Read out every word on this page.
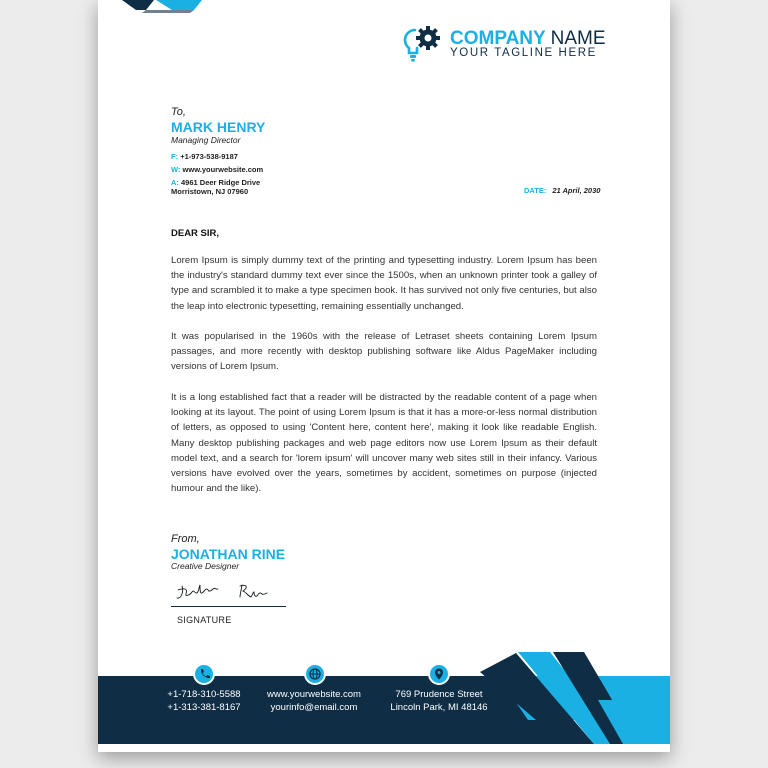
COMPANY NAME
YOUR TAGLINE HERE
To,
MARK HENRY
Managing Director
F: +1-973-538-9187
W: www.yourwebsite.com
A: 4961 Deer Ridge Drive
Morristown, NJ 07960	DATE: 21 April, 2030
DEAR SIR,

Lorem Ipsum is simply dummy text of the printing and typesetting industry. Lorem Ipsum has been the industry's standard dummy text ever since the 1500s, when an unknown printer took a galley of type and scrambled it to make a type specimen book. It has survived not only five centuries, but also the leap into electronic typesetting, remaining essentially unchanged.

It was popularised in the 1960s with the release of Letraset sheets containing Lorem Ipsum passages, and more recently with desktop publishing software like Aldus PageMaker including versions of Lorem Ipsum.

It is a long established fact that a reader will be distracted by the readable content of a page when looking at its layout. The point of using Lorem Ipsum is that it has a more-or-less normal distribution of letters, as opposed to using 'Content here, content here', making it look like readable English. Many desktop publishing packages and web page editors now use Lorem Ipsum as their default model text, and a search for 'lorem ipsum' will uncover many web sites still in their infancy. Various versions have evolved over the years, sometimes by accident, sometimes on purpose (injected humour and the like).

From,
JONATHAN RINE
Creative Designer
SIGNATURE
+1-718-310-5588
+1-313-381-8167
www.yourwebsite.com
yourinfo@email.com
769 Prudence Street
Lincoln Park, MI 48146
